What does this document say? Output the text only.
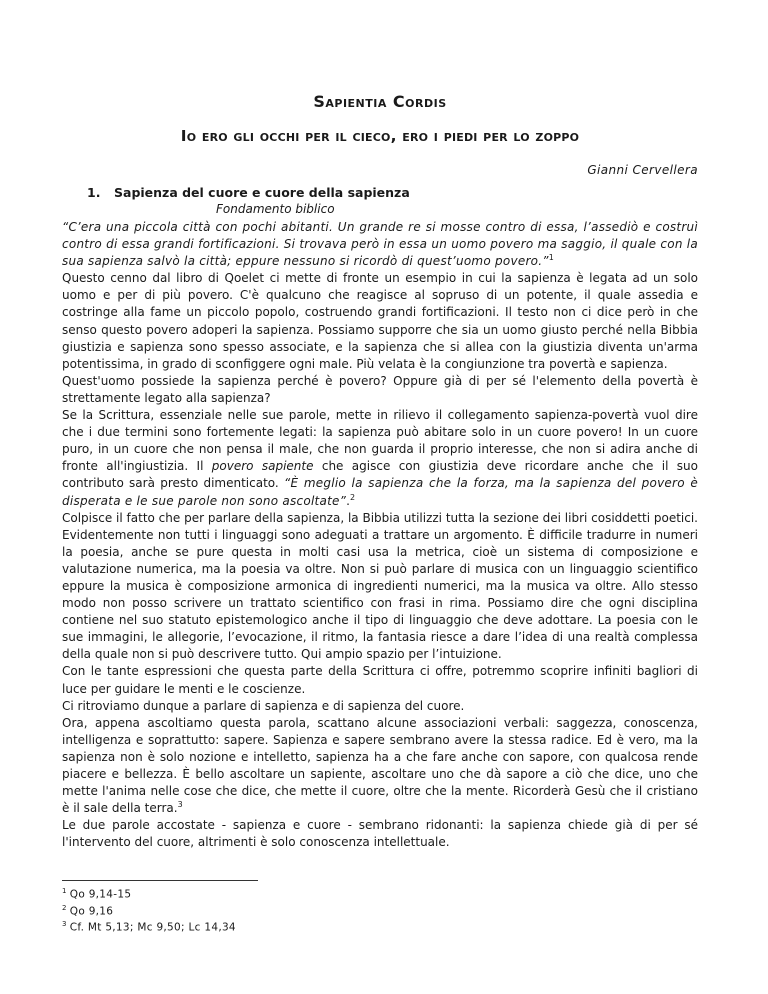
Sapientia Cordis
Io ero gli occhi per il cieco, ero i piedi per lo zoppo
Gianni Cervellera
1. Sapienza del cuore e cuore della sapienza
Fondamento biblico

“C’era una piccola città con pochi abitanti. Un grande re si mosse contro di essa, l’assediò e costruì contro di essa grandi fortificazioni. Si trovava però in essa un uomo povero ma saggio, il quale con la sua sapienza salvò la città; eppure nessuno si ricordò di quest’uomo povero.”$^1$

Questo cenno dal libro di Qoelet ci mette di fronte un esempio in cui la sapienza è legata ad un solo uomo e per di più povero. C'è qualcuno che reagisce al sopruso di un potente, il quale assedia e costringe alla fame un piccolo popolo, costruendo grandi fortificazioni. Il testo non ci dice però in che senso questo povero adoperi la sapienza. Possiamo supporre che sia un uomo giusto perché nella Bibbia giustizia e sapienza sono spesso associate, e la sapienza che si allea con la giustizia diventa un'arma potentissima, in grado di sconfiggere ogni male. Più velata è la congiunzione tra povertà e sapienza.

Quest'uomo possiede la sapienza perché è povero? Oppure già di per sé l'elemento della povertà è strettamente legato alla sapienza?

Se la Scrittura, essenziale nelle sue parole, mette in rilievo il collegamento sapienza-povertà vuol dire che i due termini sono fortemente legati: la sapienza può abitare solo in un cuore povero! In un cuore puro, in un cuore che non pensa il male, che non guarda il proprio interesse, che non si adira anche di fronte all'ingiustizia. Il povero sapiente che agisce con giustizia deve ricordare anche che il suo contributo sarà presto dimenticato. “È meglio la sapienza che la forza, ma la sapienza del povero è disperata e le sue parole non sono ascoltate”.$^2$

Colpisce il fatto che per parlare della sapienza, la Bibbia utilizzi tutta la sezione dei libri cosiddetti poetici. Evidentemente non tutti i linguaggi sono adeguati a trattare un argomento. È difficile tradurre in numeri la poesia, anche se pure questa in molti casi usa la metrica, cioè un sistema di composizione e valutazione numerica, ma la poesia va oltre. Non si può parlare di musica con un linguaggio scientifico eppure la musica è composizione armonica di ingredienti numerici, ma la musica va oltre. Allo stesso modo non posso scrivere un trattato scientifico con frasi in rima. Possiamo dire che ogni disciplina contiene nel suo statuto epistemologico anche il tipo di linguaggio che deve adottare. La poesia con le sue immagini, le allegorie, l’evocazione, il ritmo, la fantasia riesce a dare l’idea di una realtà complessa della quale non si può descrivere tutto. Qui ampio spazio per l’intuizione.

Con le tante espressioni che questa parte della Scrittura ci offre, potremmo scoprire infiniti bagliori di luce per guidare le menti e le coscienze.

Ci ritroviamo dunque a parlare di sapienza e di sapienza del cuore.

Ora, appena ascoltiamo questa parola, scattano alcune associazioni verbali: saggezza, conoscenza, intelligenza e soprattutto: sapere. Sapienza e sapere sembrano avere la stessa radice. Ed è vero, ma la sapienza non è solo nozione e intelletto, sapienza ha a che fare anche con sapore, con qualcosa rende piacere e bellezza. È bello ascoltare un sapiente, ascoltare uno che dà sapore a ciò che dice, uno che mette l'anima nelle cose che dice, che mette il cuore, oltre che la mente. Ricorderà Gesù che il cristiano è il sale della terra.$^3$

Le due parole accostate - sapienza e cuore - sembrano ridonanti: la sapienza chiede già di per sé l'intervento del cuore, altrimenti è solo conoscenza intellettuale.

$^1$ Qo 9,14-15
$^2$ Qo 9,16
$^3$ Cf. Mt 5,13; Mc 9,50; Lc 14,34
